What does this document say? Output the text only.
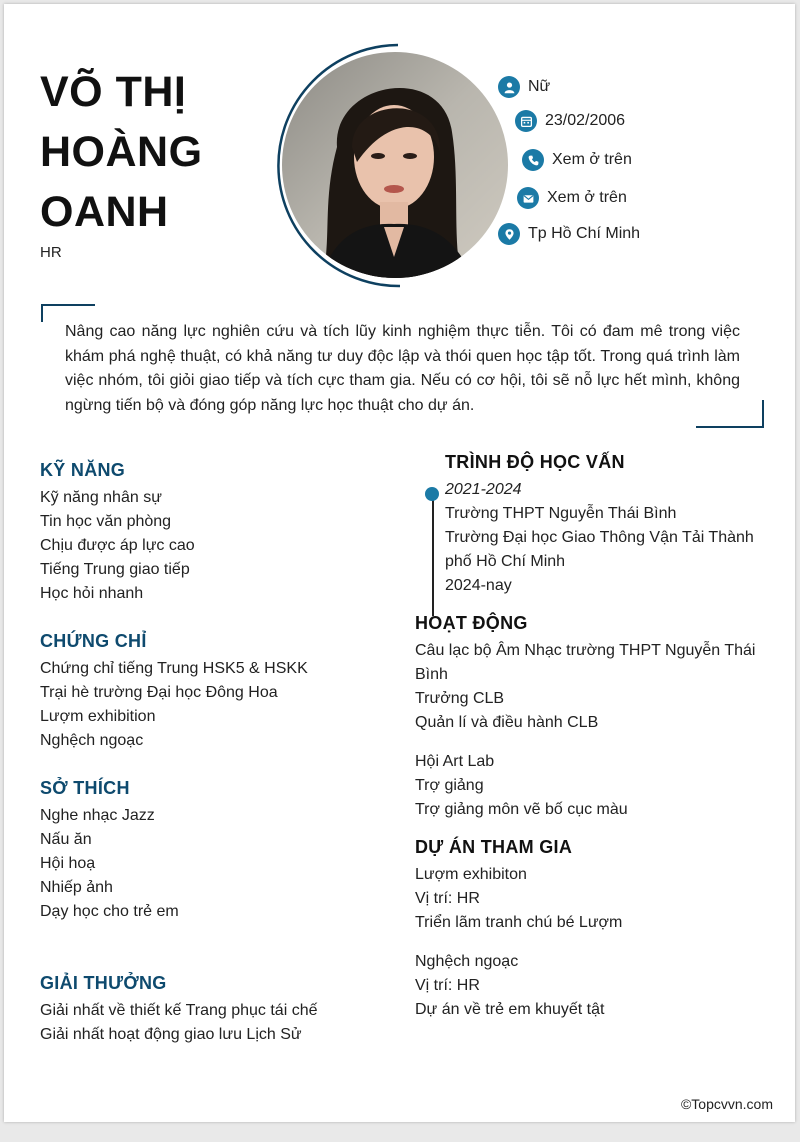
VÕ THỊ
HOÀNG
OANH
HR
Nữ
23/02/2006
Xem ở trên
Xem ở trên
Tp Hồ Chí Minh
Nâng cao năng lực nghiên cứu và tích lũy kinh nghiệm thực tiễn. Tôi có đam mê trong việc khám phá nghệ thuật, có khả năng tư duy độc lập và thói quen học tập tốt. Trong quá trình làm việc nhóm, tôi giỏi giao tiếp và tích cực tham gia. Nếu có cơ hội, tôi sẽ nỗ lực hết mình, không ngừng tiến bộ và đóng góp năng lực học thuật cho dự án.
KỸ NĂNG
Kỹ năng nhân sự
Tin học văn phòng
Chịu được áp lực cao
Tiếng Trung giao tiếp
Học hỏi nhanh
CHỨNG CHỈ
Chứng chỉ tiếng Trung HSK5 & HSKK
Trại hè trường Đại học Đông Hoa
Lượm exhibition
Nghệch ngoạc
SỞ THÍCH
Nghe nhạc Jazz
Nấu ăn
Hội hoạ
Nhiếp ảnh
Dạy học cho trẻ em
GIẢI THƯỞNG
Giải nhất về thiết kế Trang phục tái chế
Giải nhất hoạt động giao lưu Lịch Sử
TRÌNH ĐỘ HỌC VẤN
2021-2024
Trường THPT Nguyễn Thái Bình
Trường Đại học Giao Thông Vận Tải Thành
phố Hồ Chí Minh
2024-nay
HOẠT ĐỘNG
Câu lạc bộ Âm Nhạc trường THPT Nguyễn Thái
Bình
Trưởng CLB
Quản lí và điều hành CLB
Hội Art Lab
Trợ giảng
Trợ giảng môn vẽ bố cục màu
DỰ ÁN THAM GIA
Lượm exhibiton
Vị trí: HR
Triển lãm tranh chú bé Lượm
Nghệch ngoạc
Vị trí: HR
Dự án về trẻ em khuyết tật
©Topcvvn.com
